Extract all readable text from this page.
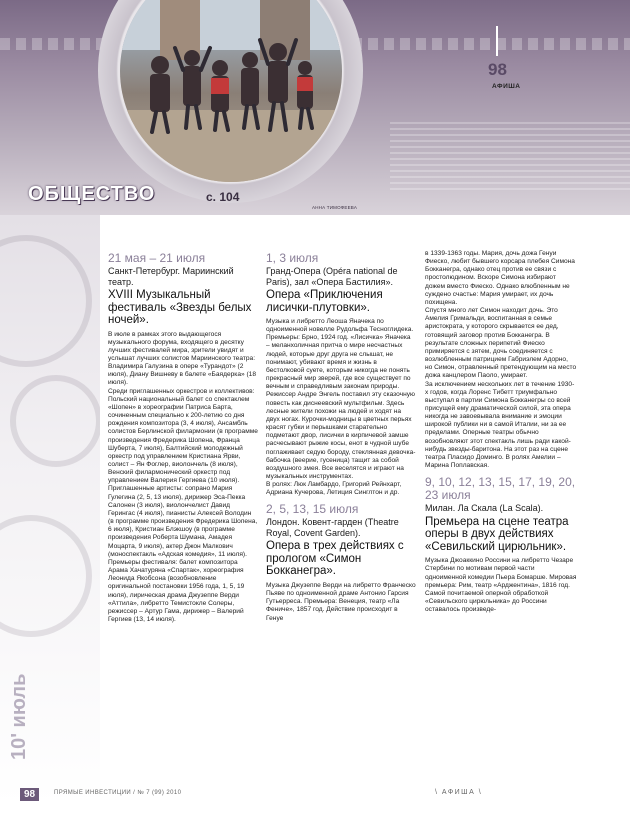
ОБЩЕСТВО	c. 104
АННА ТИМОФЕЕВА
98
АФИША
10' июль
21 мая – 21 июля
Санкт-Петербург. Мариинский театр.
XVIII Музыкальный фестиваль «Звезды белых ночей».

В июле в рамках этого выдающегося музыкального форума, входящего в десятку лучших фестивалей мира, зрители увидят и услышат лучших солистов Мариинского театра: Владимира Галузина в опере «Турандот» (2 июля), Диану Вишневу в балете «Баядерка» (18 июля).

Среди приглашенных оркестров и коллективов: Польский национальный балет со спектаклем «Шопен» в хореографии Патриса Барта, сочиненным специально к 200-летию со дня рождения композитора (3, 4 июля), Ансамбль солистов Берлинской филармонии (в программе произведения Фредерика Шопена, Франца Шуберта, 7 июля), Балтийский молодежный оркестр под управлением Кристиана Ярви, солист – Ян Фоглер, виолончель (8 июля), Венский филармонический оркестр под управлением Валерия Гергиева (10 июля).

Приглашенные артисты: сопрано Мария Гулегина (2, 5, 13 июля), дирижер Эса-Пекка Салонен (3 июля), виолончелист Давид Герингас (4 июля), пианисты Алексей Володин (в программе произведения Фредерика Шопена, 6 июля), Кристиан Блэкшоу (в программе произведения Роберта Шумана, Амадея Моцарта, 9 июля), актер Джон Малкович (моноспектакль «Адская комедия», 11 июля).

Премьеры фестиваля: балет композитора Арама Хачатуряна «Спартак», хореография Леонида Якобсона (возобновление оригинальной постановки 1956 года, 1, 5, 19 июля), лирическая драма Джузеппе Верди «Аттила», либретто Темистокле Солеры, режиссер – Артур Гама, дирижер – Валерий Гергиев (13, 14 июля).

1, 3 июля
Гранд-Опера (Opéra national de Paris), зал «Опера Бастилия».
Опера «Приключения лисички-плутовки».

Музыка и либретто Леоша Яначека по одноименной новелле Рудольфа Тесноглидека. Премьеры: Брно, 1924 год. «Лисичка» Яначека – меланхоличная притча о мире несчастных людей, которые друг друга не слышат, не понимают, убивают время и жизнь в бестолковой суете, которым никогда не понять прекрасный мир зверей, где все существует по вечным и справедливым законам природы.

Режиссер Андре Энгель поставил эту сказочную повесть как диснеевский мультфильм. Здесь лесные жители похожи на людей и ходят на двух ногах. Курочки-модницы в цветных перьях красят губки и перышками старательно подметают двор, лисички в кирпичевой замше расчесывают рыжие косы, енот в чудной шубе поглаживает седую бороду, стеклянная девочка-бабочка (веерие, гусеница) тащит за собой воздушного змея. Все веселятся и играют на музыкальных инструментах.

В ролях: Люк Ламбардо, Григорий Рейнхарт, Адриана Кучерова, Летиция Синглтон и др.

2, 5, 13, 15 июля
Лондон. Ковент-гарден (Theatre Royal, Covent Garden).
Опера в трех действиях с прологом «Симон Бокканегра».

Музыка Джузеппе Верди на либретто Франческо Пьяве по одноименной драме Антонио Гарсия Гутьерреса. Премьера: Венеция, театр «Ла Фениче», 1857 год. Действие происходит в Генуе

в 1339-1363 годы. Мария, дочь дожа Генуи Фиеско, любит бывшего корсара плебея Симона Бокканегра, однако отец против ее связи с простолюдином. Вскоре Симона избирают дожем вместо Фиеско. Однако влюбленным не суждено счастье: Мария умирает, их дочь похищена.

Спустя много лет Симон находит дочь. Это Амелия Гримальди, воспитанная в семье аристократа, у которого скрывается ее дед, готовящий заговор против Бокканегра. В результате сложных перипетий Фиеско примиряется с зятем, дочь соединяется с возлюбленным патрицием Габриэлем Адорно, но Симон, отравленный претендующим на место дожа канцлером Паоло, умирает.

За исключением нескольких лет в течение 1930-х годов, когда Лоренс Тибетт триумфально выступал в партии Симона Бокканегры со всей присущей ему драматической силой, эта опера никогда не завоевывала внимание и эмоции широкой публики ни в самой Италии, ни за ее пределами. Оперные театры обычно возобновляют этот спектакль лишь ради какой-нибудь звезды-баритона. На этот раз на сцене театра Пласидо Доминго. В ролях Амелии – Марина Поплавская.

9, 10, 12, 13, 15, 17, 19, 20, 23 июля
Милан. Ла Скала (La Scala).
Премьера на сцене театра оперы в двух действиях «Севильский цирюльник».

Музыка Джоаккино Россини на либретто Чезаре Стербини по мотивам первой части одноименной комедии Пьера Бомарше. Мировая премьера: Рим, театр «Арджентина», 1816 год.

Самой почитаемой оперной обработкой «Севильского цирюльника» до Россини оставалось произведе-

98	ПРЯМЫЕ ИНВЕСТИЦИИ / № 7 (99) 2010	\ АФИША \
